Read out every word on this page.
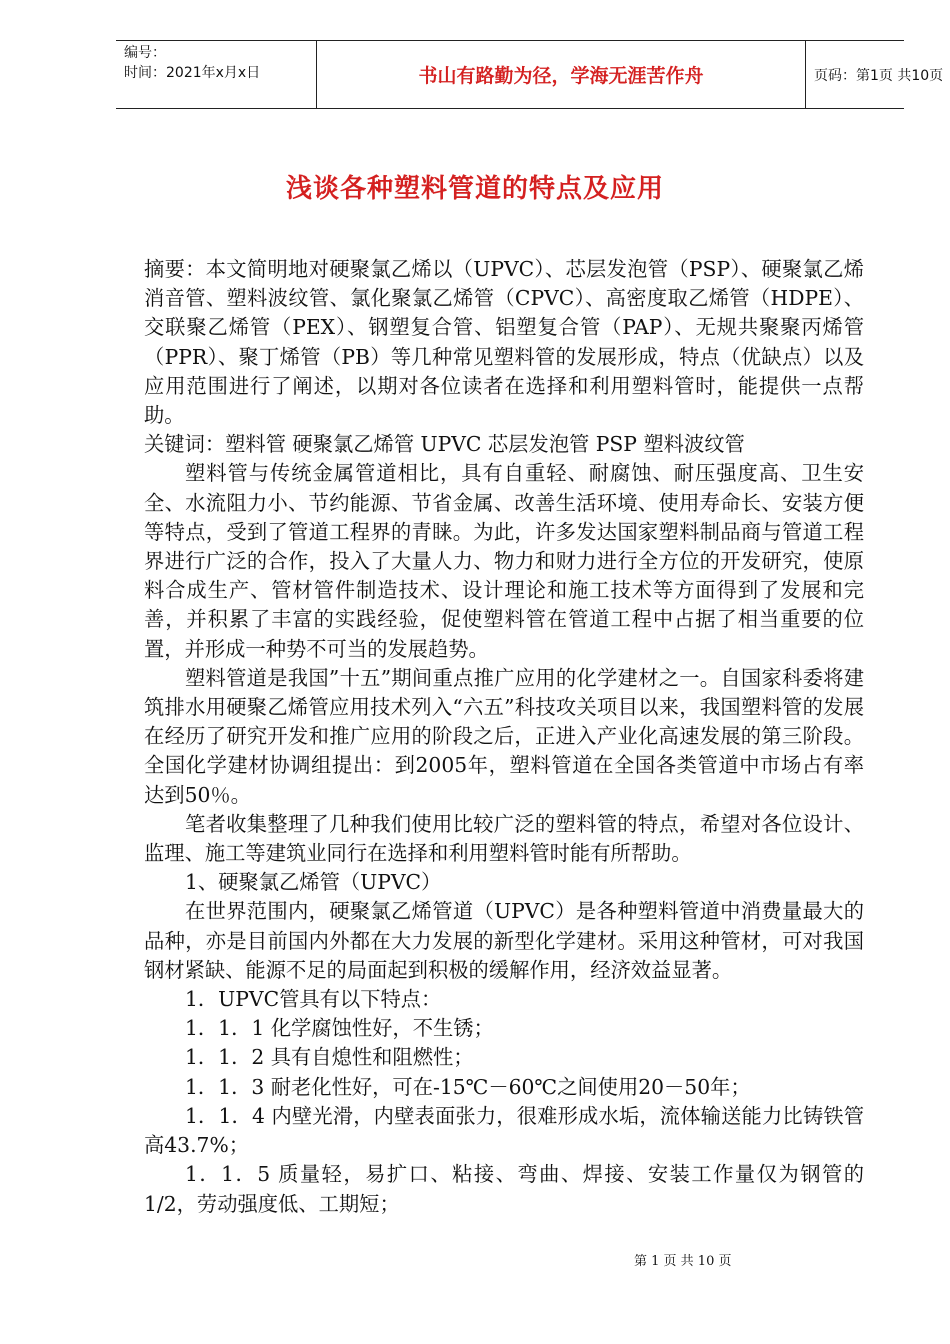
编号：
时间：2021年x月x日	书山有路勤为径，学海无涯苦作舟	页码：第1页 共10页
浅谈各种塑料管道的特点及应用

摘要：本文简明地对硬聚氯乙烯以（UPVC）、芯层发泡管（PSP）、硬聚氯乙烯消音管、塑料波纹管、氯化聚氯乙烯管（CPVC）、高密度取乙烯管（HDPE）、交联聚乙烯管（PEX）、钢塑复合管、铝塑复合管（PAP）、无规共聚聚丙烯管（PPR）、聚丁烯管（PB）等几种常见塑料管的发展形成，特点（优缺点）以及应用范围进行了阐述，以期对各位读者在选择和利用塑料管时，能提供一点帮助。

关键词：塑料管 硬聚氯乙烯管 UPVC 芯层发泡管 PSP 塑料波纹管

塑料管与传统金属管道相比，具有自重轻、耐腐蚀、耐压强度高、卫生安全、水流阻力小、节约能源、节省金属、改善生活环境、使用寿命长、安装方便等特点，受到了管道工程界的青睐。为此，许多发达国家塑料制品商与管道工程界进行广泛的合作，投入了大量人力、物力和财力进行全方位的开发研究，使原料合成生产、管材管件制造技术、设计理论和施工技术等方面得到了发展和完善，并积累了丰富的实践经验，促使塑料管在管道工程中占据了相当重要的位置，并形成一种势不可当的发展趋势。

塑料管道是我国”十五”期间重点推广应用的化学建材之一。自国家科委将建筑排水用硬聚乙烯管应用技术列入“六五”科技攻关项目以来，我国塑料管的发展在经历了研究开发和推广应用的阶段之后，正进入产业化高速发展的第三阶段。全国化学建材协调组提出：到2005年，塑料管道在全国各类管道中市场占有率达到50％。

笔者收集整理了几种我们使用比较广泛的塑料管的特点，希望对各位设计、监理、施工等建筑业同行在选择和利用塑料管时能有所帮助。

1、硬聚氯乙烯管（UPVC）

在世界范围内，硬聚氯乙烯管道（UPVC）是各种塑料管道中消费量最大的品种，亦是目前国内外都在大力发展的新型化学建材。采用这种管材，可对我国钢材紧缺、能源不足的局面起到积极的缓解作用，经济效益显著。

1．UPVC管具有以下特点：

1．1．1 化学腐蚀性好，不生锈；

1．1．2 具有自熄性和阻燃性；

1．1．3 耐老化性好，可在-15℃－60℃之间使用20－50年；

1．1．4 内壁光滑，内壁表面张力，很难形成水垢，流体输送能力比铸铁管高43.7%；

1．1．5 质量轻，易扩口、粘接、弯曲、焊接、安装工作量仅为钢管的1/2，劳动强度低、工期短；

第 1 页 共 10 页
